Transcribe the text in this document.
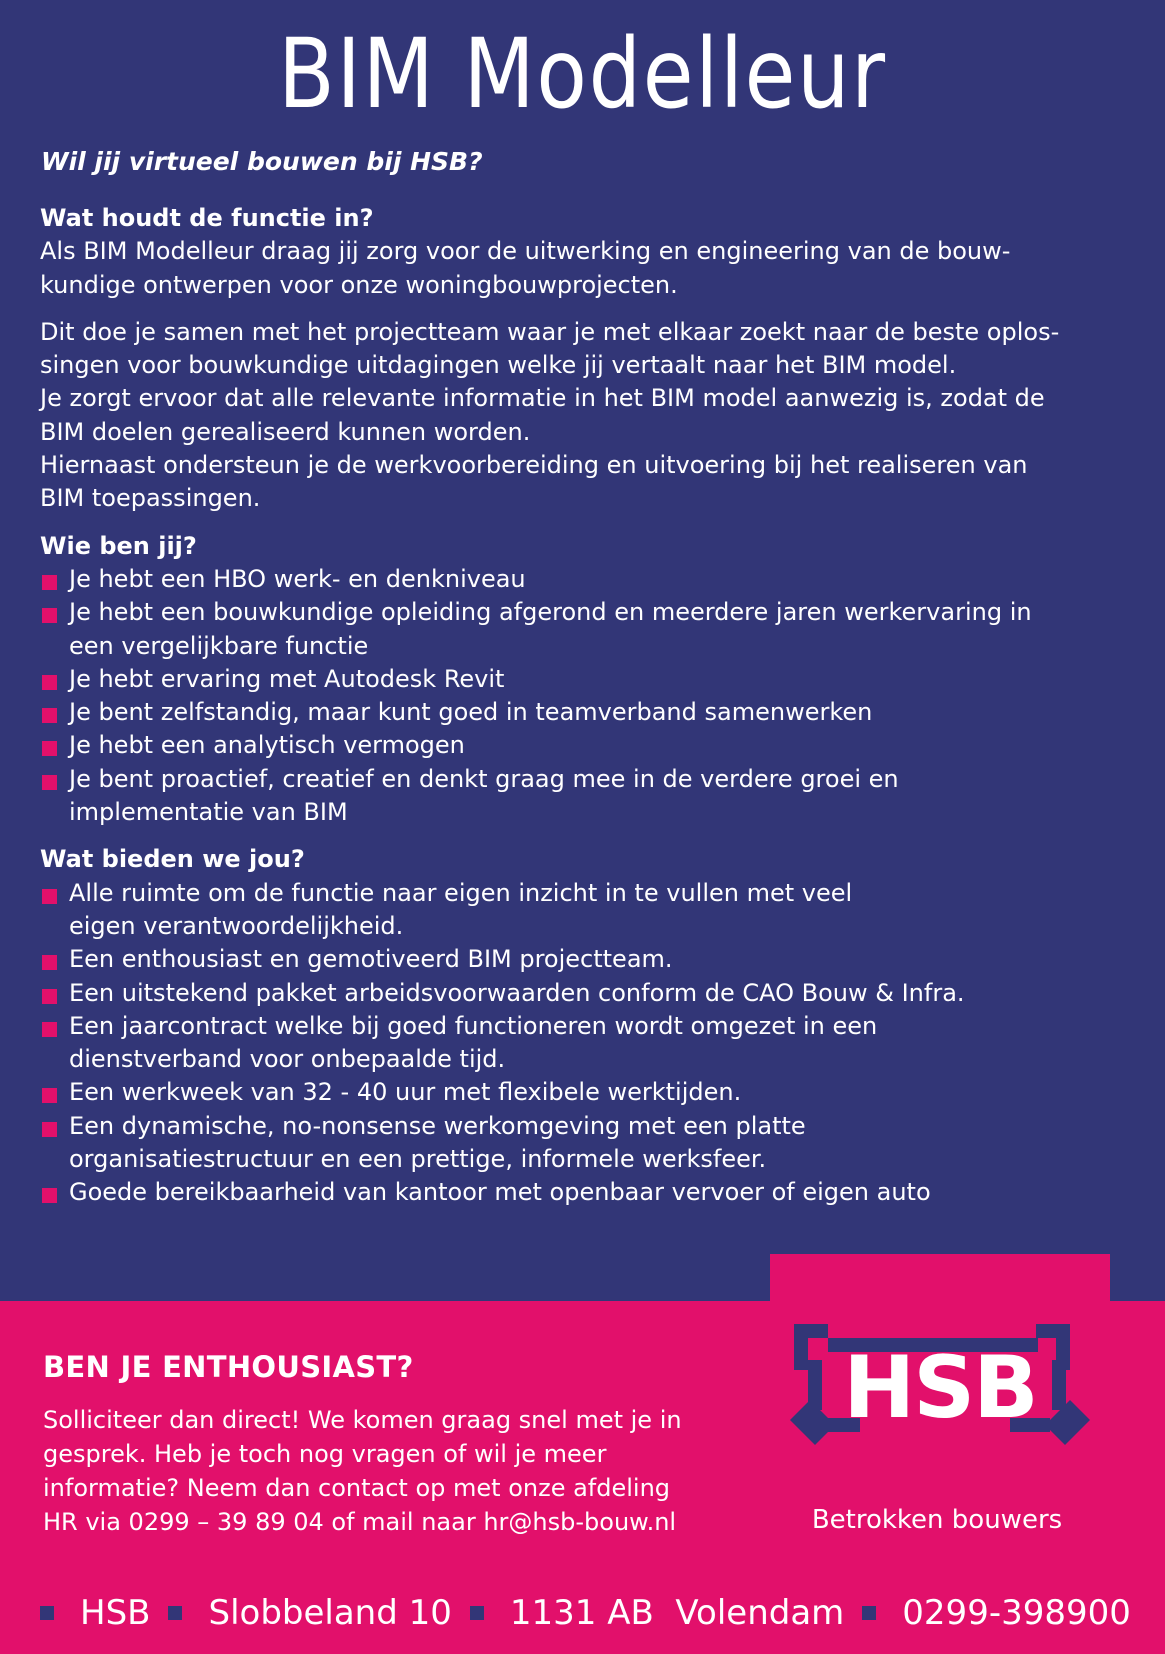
BIM Modelleur
Wil jij virtueel bouwen bij HSB?
Wat houdt de functie in?
Als BIM Modelleur draag jij zorg voor de uitwerking en engineering van de bouw-
kundige ontwerpen voor onze woningbouwprojecten.
Dit doe je samen met het projectteam waar je met elkaar zoekt naar de beste oplos-
singen voor bouwkundige uitdagingen welke jij vertaalt naar het BIM model.
Je zorgt ervoor dat alle relevante informatie in het BIM model aanwezig is, zodat de
BIM doelen gerealiseerd kunnen worden.
Hiernaast ondersteun je de werkvoorbereiding en uitvoering bij het realiseren van
BIM toepassingen.
Wie ben jij?
Je hebt een HBO werk- en denkniveau
Je hebt een bouwkundige opleiding afgerond en meerdere jaren werkervaring in
een vergelijkbare functie
Je hebt ervaring met Autodesk Revit
Je bent zelfstandig, maar kunt goed in teamverband samenwerken
Je hebt een analytisch vermogen
Je bent proactief, creatief en denkt graag mee in de verdere groei en
implementatie van BIM
Wat bieden we jou?
Alle ruimte om de functie naar eigen inzicht in te vullen met veel
eigen verantwoordelijkheid.
Een enthousiast en gemotiveerd BIM projectteam.
Een uitstekend pakket arbeidsvoorwaarden conform de CAO Bouw & Infra.
Een jaarcontract welke bij goed functioneren wordt omgezet in een
dienstverband voor onbepaalde tijd.
Een werkweek van 32 - 40 uur met flexibele werktijden.
Een dynamische, no-nonsense werkomgeving met een platte
organisatiestructuur en een prettige, informele werksfeer.
Goede bereikbaarheid van kantoor met openbaar vervoer of eigen auto
BEN JE ENTHOUSIAST?
Solliciteer dan direct! We komen graag snel met je in
gesprek. Heb je toch nog vragen of wil je meer
informatie? Neem dan contact op met onze afdeling
HR via 0299 – 39 89 04 of mail naar hr@hsb-bouw.nl
HSB
Betrokken bouwers
HSB Slobbeland 10 1131 AB  Volendam 0299-398900
